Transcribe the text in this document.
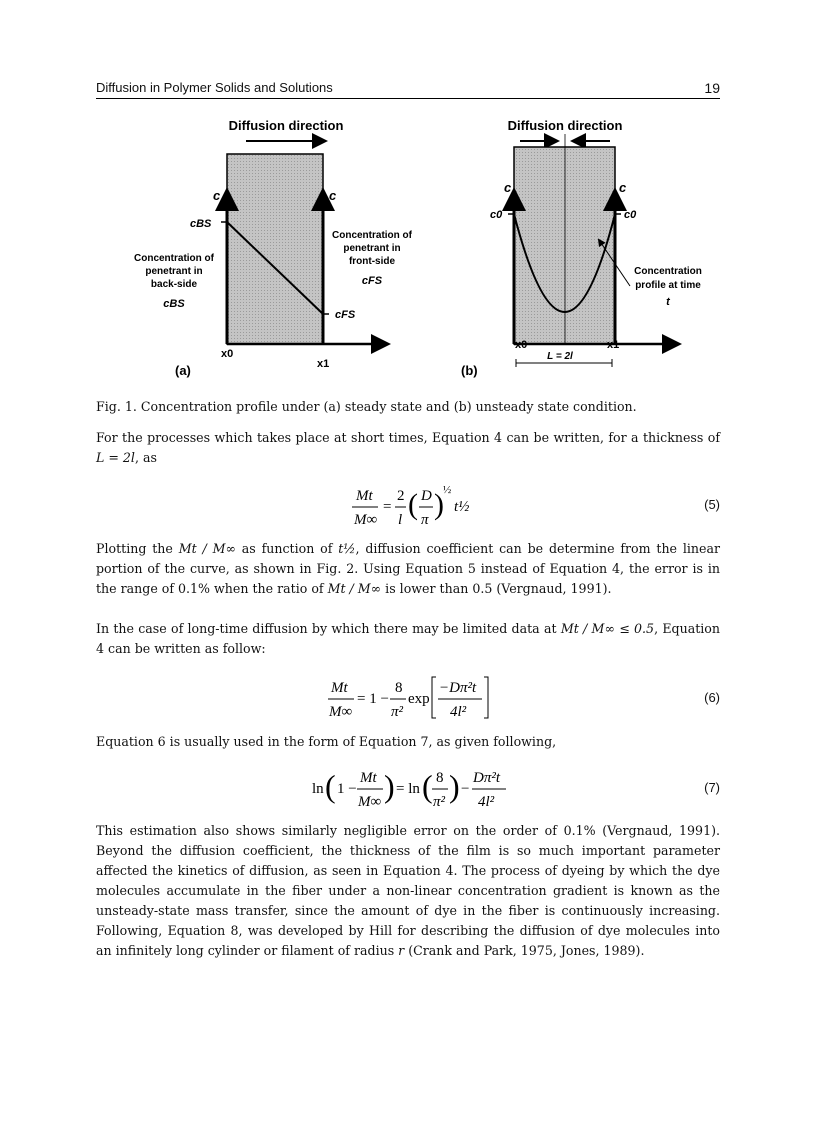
Diffusion in Polymer Solids and Solutions	19
Diffusion direction
c	c
cBS
cFS
Concentration of
penetrant in
back-side
cBS
Concentration of
penetrant in
front-side
cFS
x0
x1
(a)
Diffusion direction
c	c
c0	c0
Concentration
profile at time
t
x0	x1
L = 2l
(b)
Fig. 1. Concentration profile under (a) steady state and (b) unsteady state condition.
For the processes which takes place at short times, Equation 4 can be written, for a thickness of L = 2l, as
Mt
M∞
=
2
l ( D
π ) ½
t½	(5)
Plotting the Mt / M∞ as function of t½, diffusion coefficient can be determine from the linear portion of the curve, as shown in Fig. 2. Using Equation 5 instead of Equation 4, the error is in the range of 0.1% when the ratio of Mt / M∞ is lower than 0.5 (Vergnaud, 1991).
In the case of long-time diffusion by which there may be limited data at Mt / M∞ ≤ 0.5, Equation 4 can be written as follow:
Mt
M∞
= 1 −
8
π²
exp
−Dπ²t
4l²
(6)
Equation 6 is usually used in the form of Equation 7, as given following,
ln ( 1 −
Mt
M∞ ) = ln ( 8
π² ) −
Dπ²t
4l²
(7)
This estimation also shows similarly negligible error on the order of 0.1% (Vergnaud, 1991). Beyond the diffusion coefficient, the thickness of the film is so much important parameter affected the kinetics of diffusion, as seen in Equation 4. The process of dyeing by which the dye molecules accumulate in the fiber under a non-linear concentration gradient is known as the unsteady-state mass transfer, since the amount of dye in the fiber is continuously increasing. Following, Equation 8, was developed by Hill for describing the diffusion of dye molecules into an infinitely long cylinder or filament of radius r (Crank and Park, 1975, Jones, 1989).
